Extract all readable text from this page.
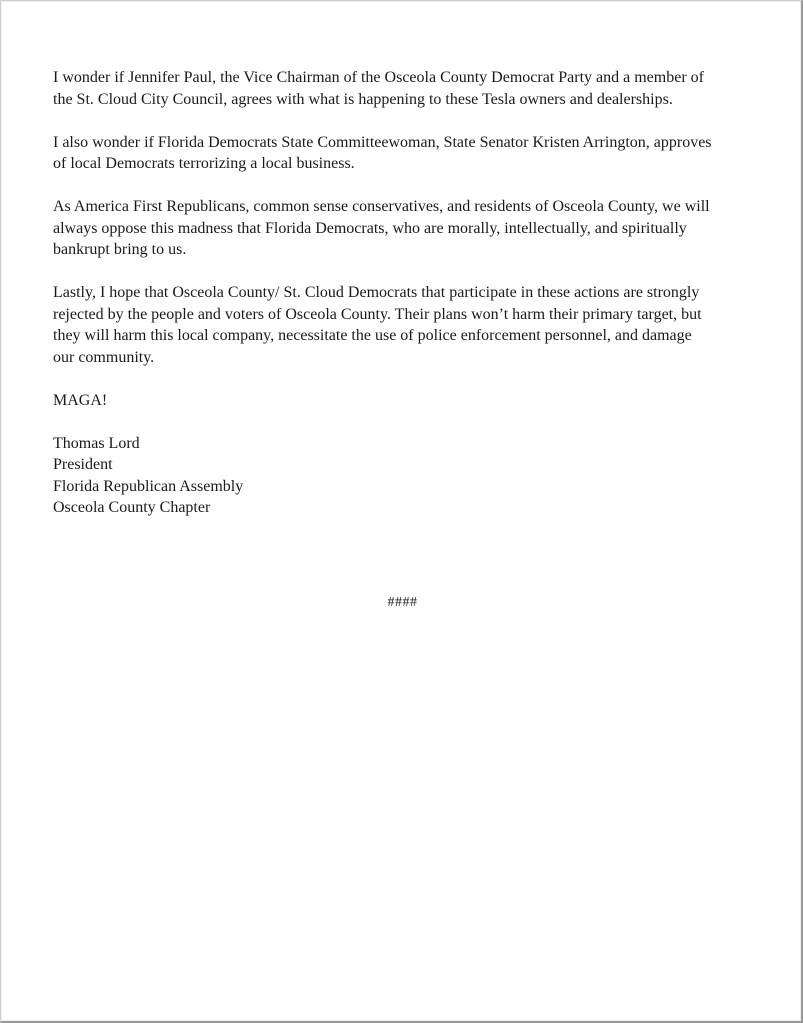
I wonder if Jennifer Paul, the Vice Chairman of the Osceola County Democrat Party and a member of
the St. Cloud City Council, agrees with what is happening to these Tesla owners and dealerships.

I also wonder if Florida Democrats State Committeewoman, State Senator Kristen Arrington, approves
of local Democrats terrorizing a local business.

As America First Republicans, common sense conservatives, and residents of Osceola County, we will
always oppose this madness that Florida Democrats, who are morally, intellectually, and spiritually
bankrupt bring to us.

Lastly, I hope that Osceola County/ St. Cloud Democrats that participate in these actions are strongly
rejected by the people and voters of Osceola County. Their plans won’t harm their primary target, but
they will harm this local company, necessitate the use of police enforcement personnel, and damage
our community.

MAGA!

Thomas Lord
President
Florida Republican Assembly
Osceola County Chapter
####
